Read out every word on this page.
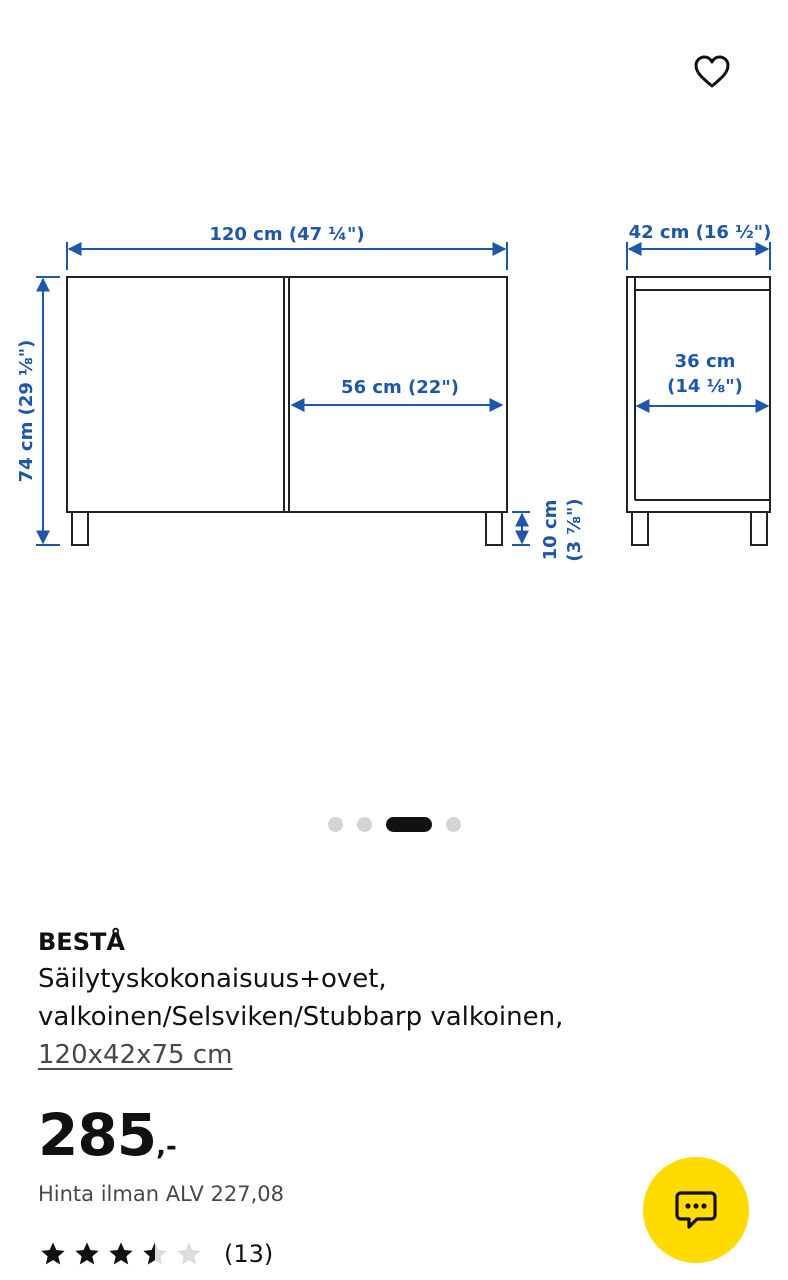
120 cm (47 ¼")
74 cm (29 ⅛")	56 cm (22")
10 cm (3 ⅞")
42 cm (16 ½")
36 cm
(14 ⅛")
BESTÅ
Säilytyskokonaisuus+ovet,
valkoinen/Selsviken/Stubbarp valkoinen,
120x42x75 cm
285 ,-
Hinta ilman ALV 227,08
(13)
